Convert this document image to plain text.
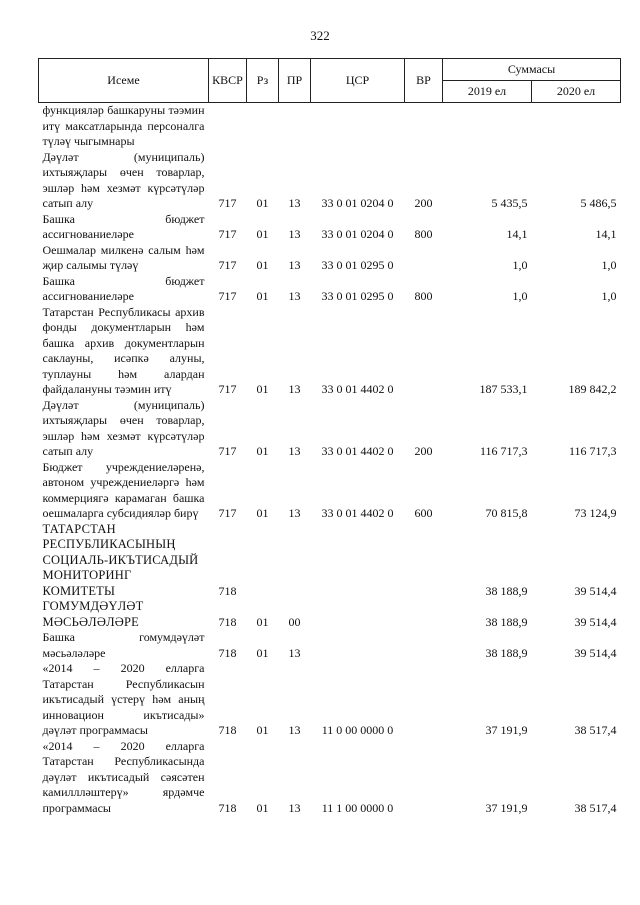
322
Исеме	КВСР	Рз	ПР	ЦСР	ВР	Суммасы	
						2019 ел	2020 ел
функцияләр башкаруны тәэмин итү максатларында персоналга түләү чыгымнары							
Дәүләт (муниципаль) ихтыяҗлары өчен товарлар, эшләр һәм хезмәт күрсәтүләр сатып алу	717	01	13	33 0 01 0204 0	200	5 435,5	5 486,5
Башка бюджет ассигнованиеләре	717	01	13	33 0 01 0204 0	800	14,1	14,1
Оешмалар милкенә салым һәм җир салымы түләү	717	01	13	33 0 01 0295 0		1,0	1,0
Башка бюджет ассигнованиеләре	717	01	13	33 0 01 0295 0	800	1,0	1,0
Татарстан Республикасы архив фонды документларын һәм башка архив документларын саклауны, исәпкә алуны, туплауны һәм алардан файдалануны тәэмин итү	717	01	13	33 0 01 4402 0		187 533,1	189 842,2
Дәүләт (муниципаль) ихтыяҗлары өчен товарлар, эшләр һәм хезмәт күрсәтүләр сатып алу	717	01	13	33 0 01 4402 0	200	116 717,3	116 717,3
Бюджет учреждениеләренә, автоном учреждениеләргә һәм коммерциягә карамаган башка оешмаларга субсидияләр бирү	717	01	13	33 0 01 4402 0	600	70 815,8	73 124,9
ТАТАРСТАН РЕСПУБЛИКАСЫНЫҢ СОЦИАЛЬ-ИКЪТИСАДЫЙ МОНИТОРИНГ КОМИТЕТЫ	718					38 188,9	39 514,4
ГОМУМДӘҮЛӘТ МӘСЬӘЛӘЛӘРЕ	718	01	00			38 188,9	39 514,4
Башка гомумдәүләт мәсьәләләре	718	01	13			38 188,9	39 514,4
«2014 – 2020 елларга Татарстан Республикасын икътисадый үстерү һәм аның инновацион икътисады» дәүләт программасы	718	01	13	11 0 00 0000 0		37 191,9	38 517,4
«2014 – 2020 елларга Татарстан Республикасында дәүләт икътисадый сәясәтен камиллләштерү» ярдәмче программасы	718	01	13	11 1 00 0000 0		37 191,9	38 517,4
